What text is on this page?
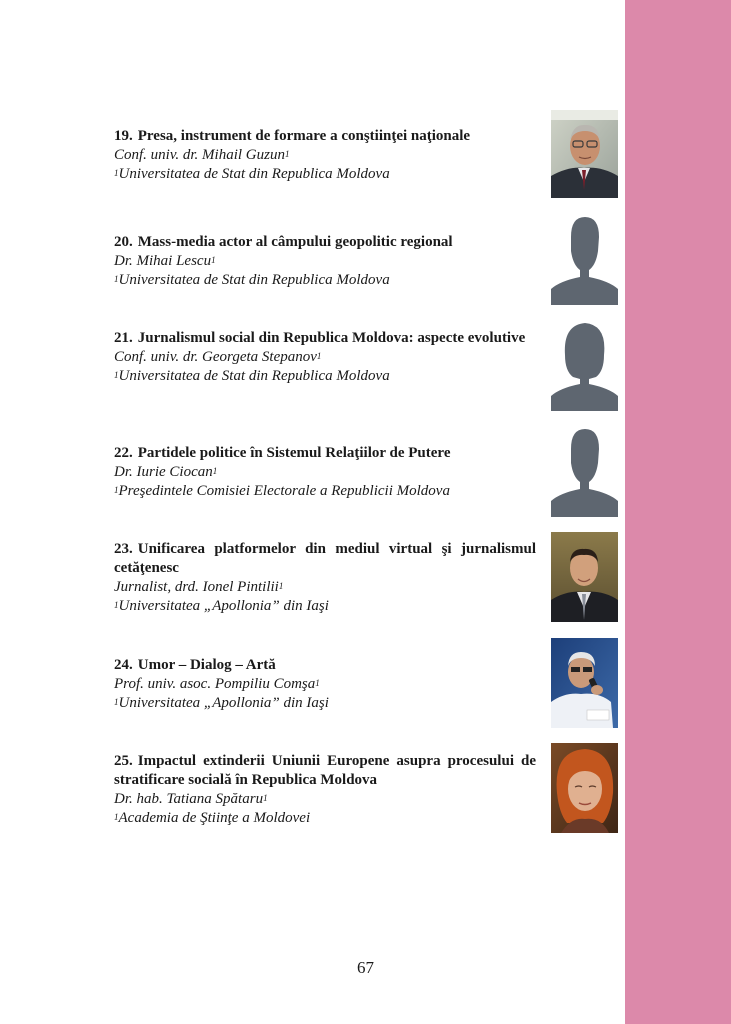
19. Presa, instrument de formare a conştiinţei naţionale

Conf. univ. dr. Mihail Guzun$^1$

$^1$Universitatea de Stat din Republica Moldova

20. Mass-media actor al câmpului geopolitic regional

Dr. Mihai Lescu$^1$

$^1$Universitatea de Stat din Republica Moldova

21. Jurnalismul social din Republica Moldova: aspecte evolutive

Conf. univ. dr. Georgeta Stepanov$^1$

$^1$Universitatea de Stat din Republica Moldova

22. Partidele politice în Sistemul Relaţiilor de Putere

Dr. Iurie Ciocan$^1$

$^1$Preşedintele Comisiei Electorale a Republicii Moldova

23. Unificarea platformelor din mediul virtual şi jurnalismul cetăţenesc

Jurnalist, drd. Ionel Pintilii$^1$

$^1$Universitatea „Apollonia” din Iaşi

24. Umor – Dialog – Artă

Prof. univ. asoc. Pompiliu Comşa$^1$

$^1$Universitatea „Apollonia” din Iaşi

25. Impactul extinderii Uniunii Europene asupra procesului de stratificare socială în Republica Moldova

Dr. hab. Tatiana Spătaru$^1$

$^1$Academia de Ştiinţe a Moldovei

67
